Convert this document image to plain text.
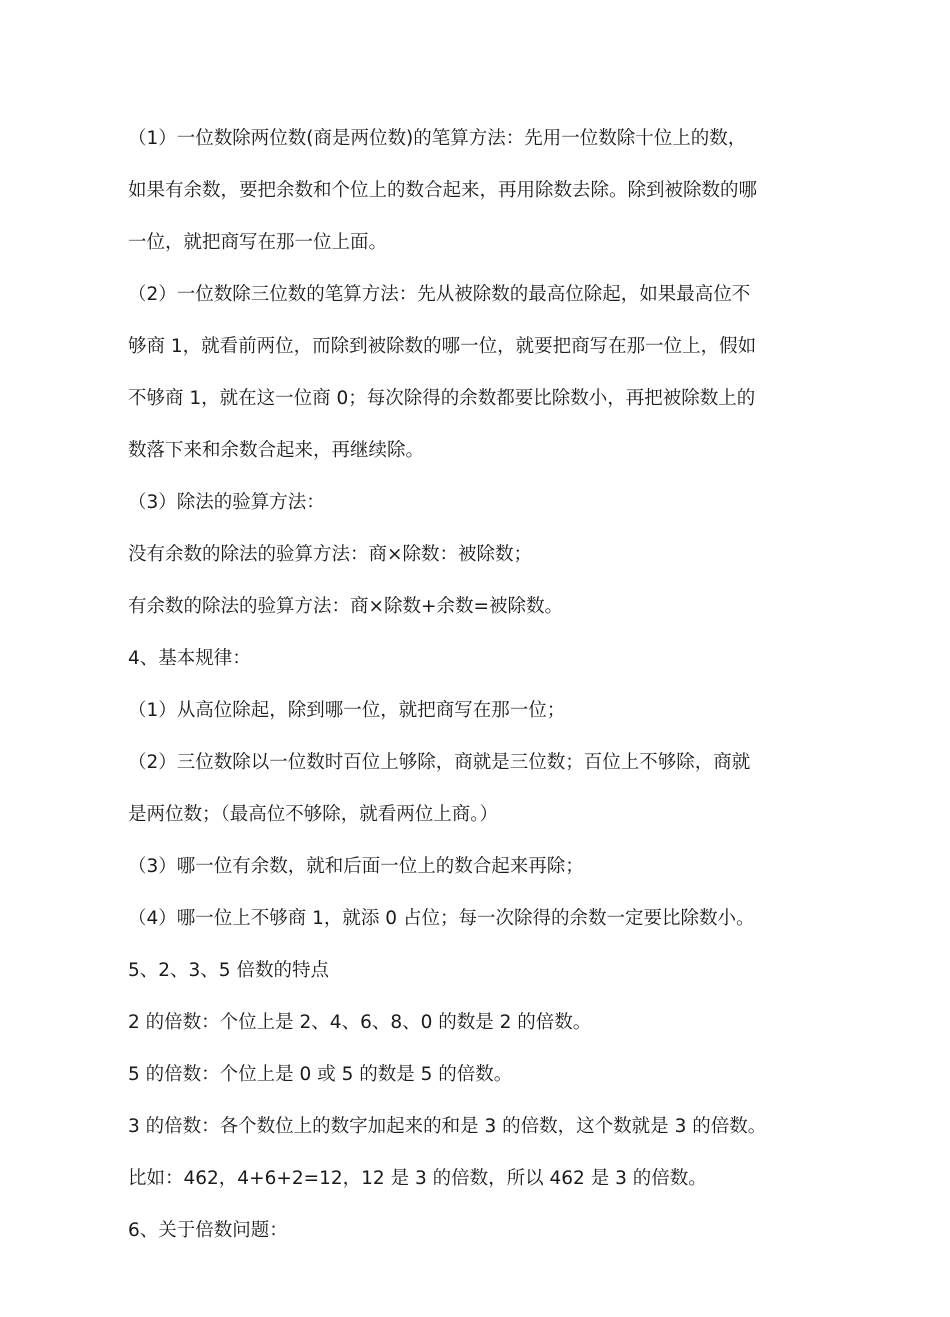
（1）一位数除两位数(商是两位数)的笔算方法：先用一位数除十位上的数，
如果有余数，要把余数和个位上的数合起来，再用除数去除。除到被除数的哪
一位，就把商写在那一位上面。
（2）一位数除三位数的笔算方法：先从被除数的最高位除起，如果最高位不
够商 1，就看前两位，而除到被除数的哪一位，就要把商写在那一位上，假如
不够商 1，就在这一位商 0；每次除得的余数都要比除数小，再把被除数上的
数落下来和余数合起来，再继续除。
（3）除法的验算方法：
没有余数的除法的验算方法：商×除数：被除数；
有余数的除法的验算方法：商×除数+余数=被除数。
4、基本规律：
（1）从高位除起，除到哪一位，就把商写在那一位；
（2）三位数除以一位数时百位上够除，商就是三位数；百位上不够除，商就
是两位数；（最高位不够除，就看两位上商。）
（3）哪一位有余数，就和后面一位上的数合起来再除；
（4）哪一位上不够商 1，就添 0 占位；每一次除得的余数一定要比除数小。
5、2、3、5 倍数的特点
2 的倍数：个位上是 2、4、6、8、0 的数是 2 的倍数。
5 的倍数：个位上是 0 或 5 的数是 5 的倍数。
3 的倍数：各个数位上的数字加起来的和是 3 的倍数，这个数就是 3 的倍数。
比如：462，4+6+2=12，12 是 3 的倍数，所以 462 是 3 的倍数。
6、关于倍数问题：
